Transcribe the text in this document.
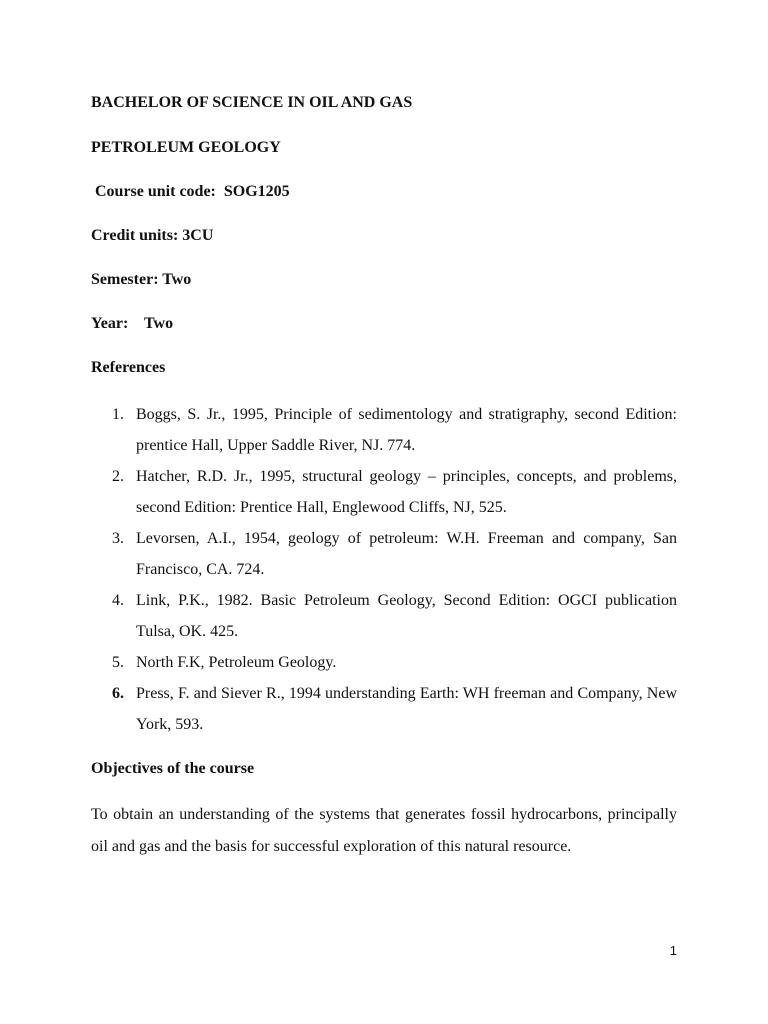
BACHELOR OF SCIENCE IN OIL AND GAS
PETROLEUM GEOLOGY
Course unit code:  SOG1205
Credit units: 3CU
Semester: Two
Year:    Two
References
1. Boggs, S. Jr., 1995, Principle of sedimentology and stratigraphy, second Edition: prentice Hall, Upper Saddle River, NJ. 774.
2. Hatcher, R.D. Jr., 1995, structural geology – principles, concepts, and problems, second Edition: Prentice Hall, Englewood Cliffs, NJ, 525.
3. Levorsen, A.I., 1954, geology of petroleum: W.H. Freeman and company, San Francisco, CA. 724.
4. Link, P.K., 1982. Basic Petroleum Geology, Second Edition: OGCI publication Tulsa, OK. 425.
5. North F.K, Petroleum Geology.
6. Press, F. and Siever R., 1994 understanding Earth: WH freeman and Company, New York, 593.
Objectives of the course

To obtain an understanding of the systems that generates fossil hydrocarbons, principally oil and gas and the basis for successful exploration of this natural resource.

1
